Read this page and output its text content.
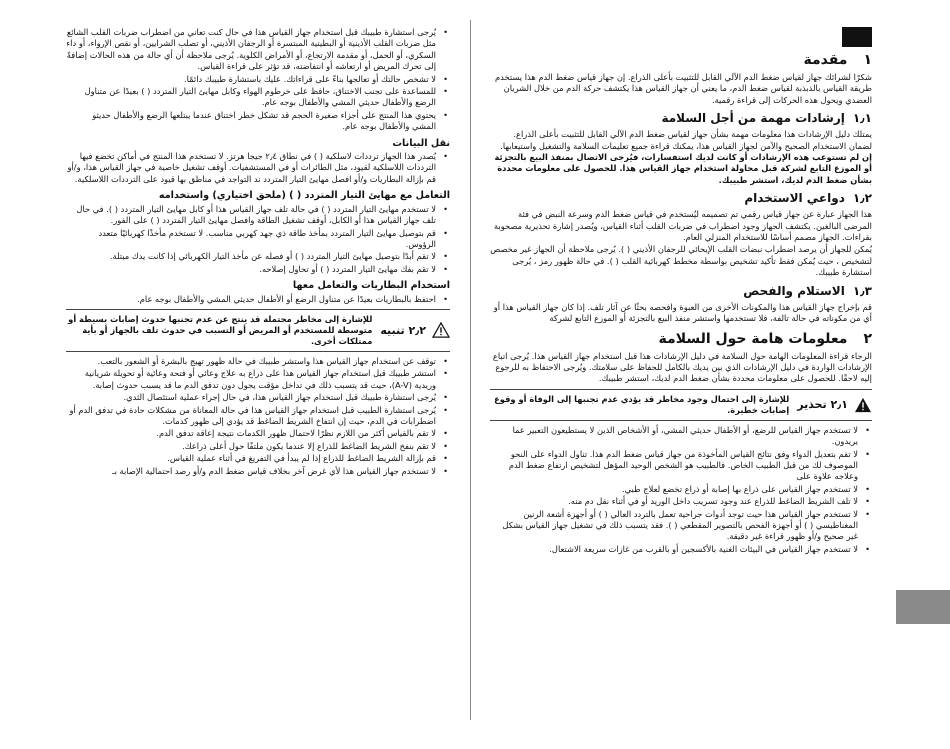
• يُرجى استشارة طبيبك قبل استخدام جهاز القياس هذا في حال كنت تعاني من اضطراب ضربات القلب الشائع مثل ضربات القلب الأذينية أو البطينية المبتسرة أو الرجفان الأذيني، أو تصلب الشرايين، أو نقص الإرواء، أو داء السكري، أو الحمل، أو مقدمة الارتجاع، أو الأمراض الكلوية. يُرجى ملاحظة أن أي حالة من هذه الحالات إضافةً إلى تحرك المريض أو ارتعاشه أو انتفاضته، قد تؤثر على قراءة القياس.
• لا تشخص حالتك أو تعالجها بناءً على قراءاتك. عليك باستشارة طبيبك دائمًا.
• للمساعدة على تجنب الاختناق، حافظ على خرطوم الهواء وكابل مهايئ التيار المتردد ( ) بعيدًا عن متناول الرضع والأطفال حديثي المشي والأطفال بوجه عام.
• يحتوي هذا المنتج على أجزاء صغيرة الحجم قد تشكل خطر اختناق عندما يبتلعها الرضع والأطفال حديثو المشي والأطفال بوجه عام.
نقل البيانات
• يُصدر هذا الجهاز ترددات لاسلكية ( ) في نطاق ٢٫٤ جيجا هرتز. لا تستخدم هذا المنتج في أماكن تخضع فيها الترددات اللاسلكية لقيود، مثل الطائرات أو في المستشفيات. أوقف تشغيل خاصية في جهاز القياس هذا، و/أو قم بإزالة البطاريات و/أو افصل مهايئ التيار المتردد ند التواجد في مناطق بها قيود على الترددات اللاسلكية.
التعامل مع مهايئ التيار المتردد ( ) (ملحق اختياري) واستخدامه
• لا تستخدم مهايئ التيار المتردد ( ) في حالة تلف جهاز القياس هذا أو كابل مهايئ التيار المتردد ( ). في حال تلف جهاز القياس هذا أو الكابل، أوقف تشغيل الطاقة وافصل مهايئ التيار المتردد ( ) على الفور.
• قم بتوصيل مهايئ التيار المتردد بمأخذ طاقة ذي جهد كهربي مناسب. لا تستخدم مأخذًا كهربائيًا متعدد الرؤوس.
• لا تقم أبدًا بتوصيل مهايئ التيار المتردد ( ) أو فصله عن مأخذ التيار الكهربائي إذا كانت يدك مبتلة.
• لا تقم بفك مهايئ التيار المتردد ( ) أو تحاول إصلاحه.
استخدام البطاريات والتعامل معها
• احتفظ بالبطاريات بعيدًا عن متناول الرضع أو الأطفال حديثي المشي والأطفال بوجه عام.
٢٫٢ تنبيه
للإشارة إلى مخاطر محتملة قد ينتج عن عدم تجنبها حدوث إصابات بسيطة أو متوسطة للمستخدم أو المريض أو التسبب في حدوث تلف بالجهاز أو بأية ممتلكات أخرى.
• توقف عن استخدام جهاز القياس هذا واستشر طبيبك في حالة ظهور تهيج بالبشرة أو الشعور بالتعب.
• استشر طبيبك قبل استخدام جهاز القياس هذا على ذراع به علاج وعائي أو فتحة وعائية أو تحويلة شريانية وريدية (A-V)، حيث قد يتسبب ذلك في تداخل مؤقت يحول دون تدفق الدم ما قد يسبب حدوث إصابة.
• يُرجى استشارة طبيبك قبل استخدام جهاز القياس هذا، في حال إجراء عملية استئصال الثدي.
• يُرجى استشارة الطبيب قبل استخدام جهاز القياس هذا في حالة المعاناة من مشكلات حادة في تدفق الدم أو اضطرابات في الدم، حيث إن انتفاخ الشريط الضاغط قد يؤدي إلى ظهور كدمات.
• لا تقم بالقياس أكثر من اللازم نظرًا لاحتمال ظهور الكدمات نتيجة إعاقة تدفق الدم.
• لا تقم بنفخ الشريط الضاغط للذراع إلا عندما يكون ملتفًا حول أعلى ذراعك.
• قم بإزالة الشريط الضاغط للذراع إذا لم يبدأ في التفريغ في أثناء عملية القياس.
• لا تستخدم جهاز القياس هذا لأي غرض آخر بخلاف قياس ضغط الدم و/أو رصد احتمالية الإصابة بـ
١مقدمة

شكرًا لشرائك جهاز لقياس ضغط الدم الآلي القابل للتثبيت بأعلى الذراع. إن جهاز قياس ضغط الدم هذا يستخدم طريقة القياس بالذبذبة لقياس ضغط الدم، ما يعني أن جهاز القياس هذا يكتشف حركة الدم من خلال الشريان العضدي ويحول هذه الحركات إلى قراءة رقمية.

١٫١إرشادات مهمة من أجل السلامة

يمتلك دليل الإرشادات هذا معلومات مهمة بشأن جهاز لقياس ضغط الدم الآلي القابل للتثبيت بأعلى الذراع. لضمان الاستخدام الصحيح والآمن لجهاز القياس هذا، يمكنك قراءة جميع تعليمات السلامة والتشغيل واستيعابها. إن لم تستوعب هذه الإرشادات أو كانت لديك استفسارات، فيُرجى الاتصال بمنفذ البيع بالتجزئة أو الموزع التابع لشركة قبل محاولة استخدام جهاز القياس هذا. للحصول على معلومات محددة بشأن ضغط الدم لديك، استشر طبيبك.

١٫٢دواعي الاستخدام

هذا الجهاز عبارة عن جهاز قياس رقمي تم تصميمه ليُستخدم في قياس ضغط الدم وسرعة النبض في فئة المرضى البالغين. يكتشف الجهاز وجود اضطراب في ضربات القلب أثناء القياس، ويُصدر إشارة تحذيرية مصحوبة بقراءات. الجهاز مصمم أساسًا للاستخدام المنزلي العام.

يُمكن للجهاز أن يرصد اضطراب نبضات القلب الإيحائي للرجفان الأذيني ( ). يُرجى ملاحظة أن الجهاز غير مخصص لتشخيص ، حيث يُمكن فقط تأكيد تشخيص بواسطة مخطط كهربائية القلب ( ). في حالة ظهور رمز ، يُرجى استشارة طبيبك.

١٫٣الاستلام والفحص

قم بإخراج جهاز القياس هذا والمكونات الأخرى من العبوة وافحصه بحثًا عن آثار تلف. إذا كان جهاز القياس هذا أو أي من مكوناته في حالة تالفة، فلا تستخدمها واستشر منفذ البيع بالتجزئة أو الموزع التابع لشركة

٢معلومات هامة حول السلامة

الرجاء قراءة المعلومات الهامة حول السلامة في دليل الإرشادات هذا قبل استخدام جهاز القياس هذا. يُرجى اتباع الإرشادات الواردة في دليل الإرشادات الذي بين يديك بالكامل للحفاظ على سلامتك. ويُرجى الاحتفاظ به للرجوع إليه لاحقًا. للحصول على معلومات محددة بشأن ضغط الدم لديك، استشر طبيبك.

٢٫١ تحذير
للإشارة إلى احتمال وجود مخاطر قد يؤدي عدم تجنبها إلى الوفاة أو وقوع إصابات خطيرة.
• لا تستخدم جهاز القياس للرضع، أو الأطفال حديثي المشي، أو الأشخاص الذين لا يستطيعون التعبير عما يريدون.
• لا تقم بتعديل الدواء وفق نتائج القياس المأخوذة من جهاز قياس ضغط الدم هذا. تناول الدواء على النحو الموصوف لك من قبل الطبيب الخاص. فالطبيب هو الشخص الوحيد المؤهل لتشخيص ارتفاع ضغط الدم وعلاجه علاوة على
• لا تستخدم جهاز القياس على ذراع بها إصابة أو ذراع تخضع لعلاج طبي.
• لا تلف الشريط الضاغط للذراع عند وجود تسريب داخل الوريد أو في أثناء نقل دم منه.
• لا تستخدم جهاز القياس هذا حيث توجد أدوات جراحية تعمل بالتردد العالي ( ) أو أجهزة أشعة الرنين المغناطيسي ( ) أو أجهزة الفحص بالتصوير المقطعي ( ). فقد يتسبب ذلك في تشغيل جهاز القياس بشكل غير صحيح و/أو ظهور قراءة غير دقيقة.
• لا تستخدم جهاز القياس في البيئات الغنية بالأكسجين أو بالقرب من غازات سريعة الاشتعال.
